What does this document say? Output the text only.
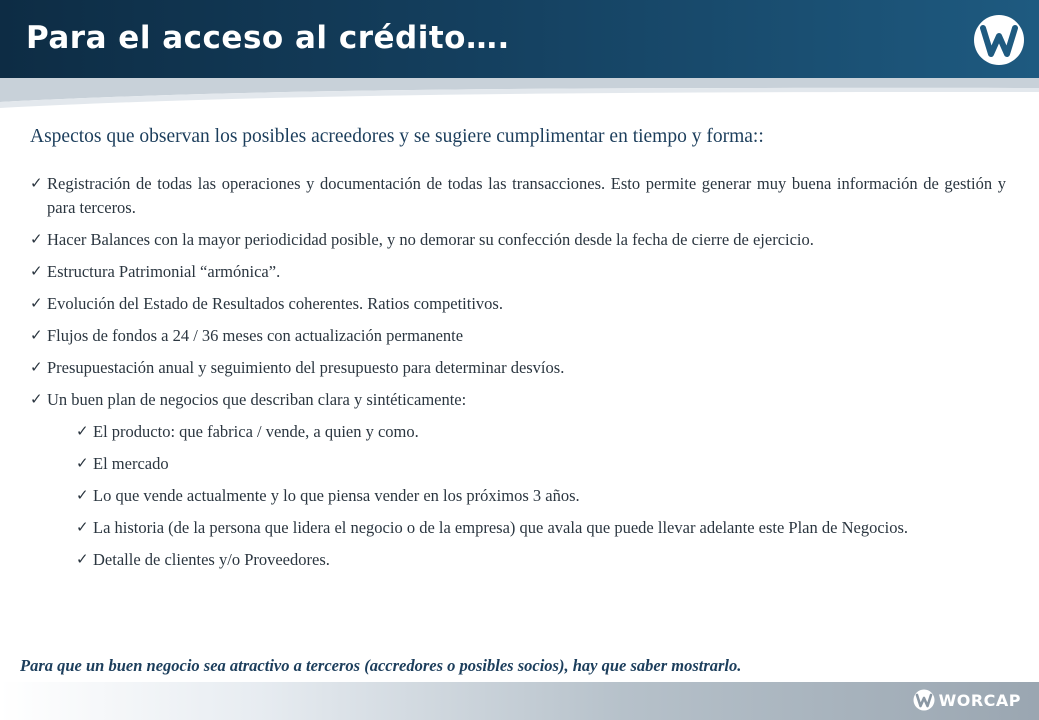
Para el acceso al crédito….
Aspectos que observan los posibles acreedores y se sugiere cumplimentar en tiempo y forma::
✓ Registración de todas las operaciones y documentación de todas las transacciones. Esto permite generar muy buena información de gestión y para terceros.
✓ Hacer Balances con la mayor periodicidad posible, y no demorar su confección desde la fecha de cierre de ejercicio.
✓ Estructura Patrimonial “armónica”.
✓ Evolución del Estado de Resultados coherentes. Ratios competitivos.
✓ Flujos de fondos a 24 / 36 meses con actualización permanente
✓ Presupuestación anual y seguimiento del presupuesto para determinar desvíos.
✓ Un buen plan de negocios que describan clara y sintéticamente:
✓ El producto: que fabrica / vende, a quien y como.
✓ El mercado
✓ Lo que vende actualmente y lo que piensa vender en los próximos 3 años.
✓ La historia (de la persona que lidera el negocio o de la empresa) que avala que puede llevar adelante este Plan de Negocios.
✓ Detalle de clientes y/o Proveedores.
Para que un buen negocio sea atractivo a terceros (accredores o posibles socios), hay que saber mostrarlo.
WORCAP
